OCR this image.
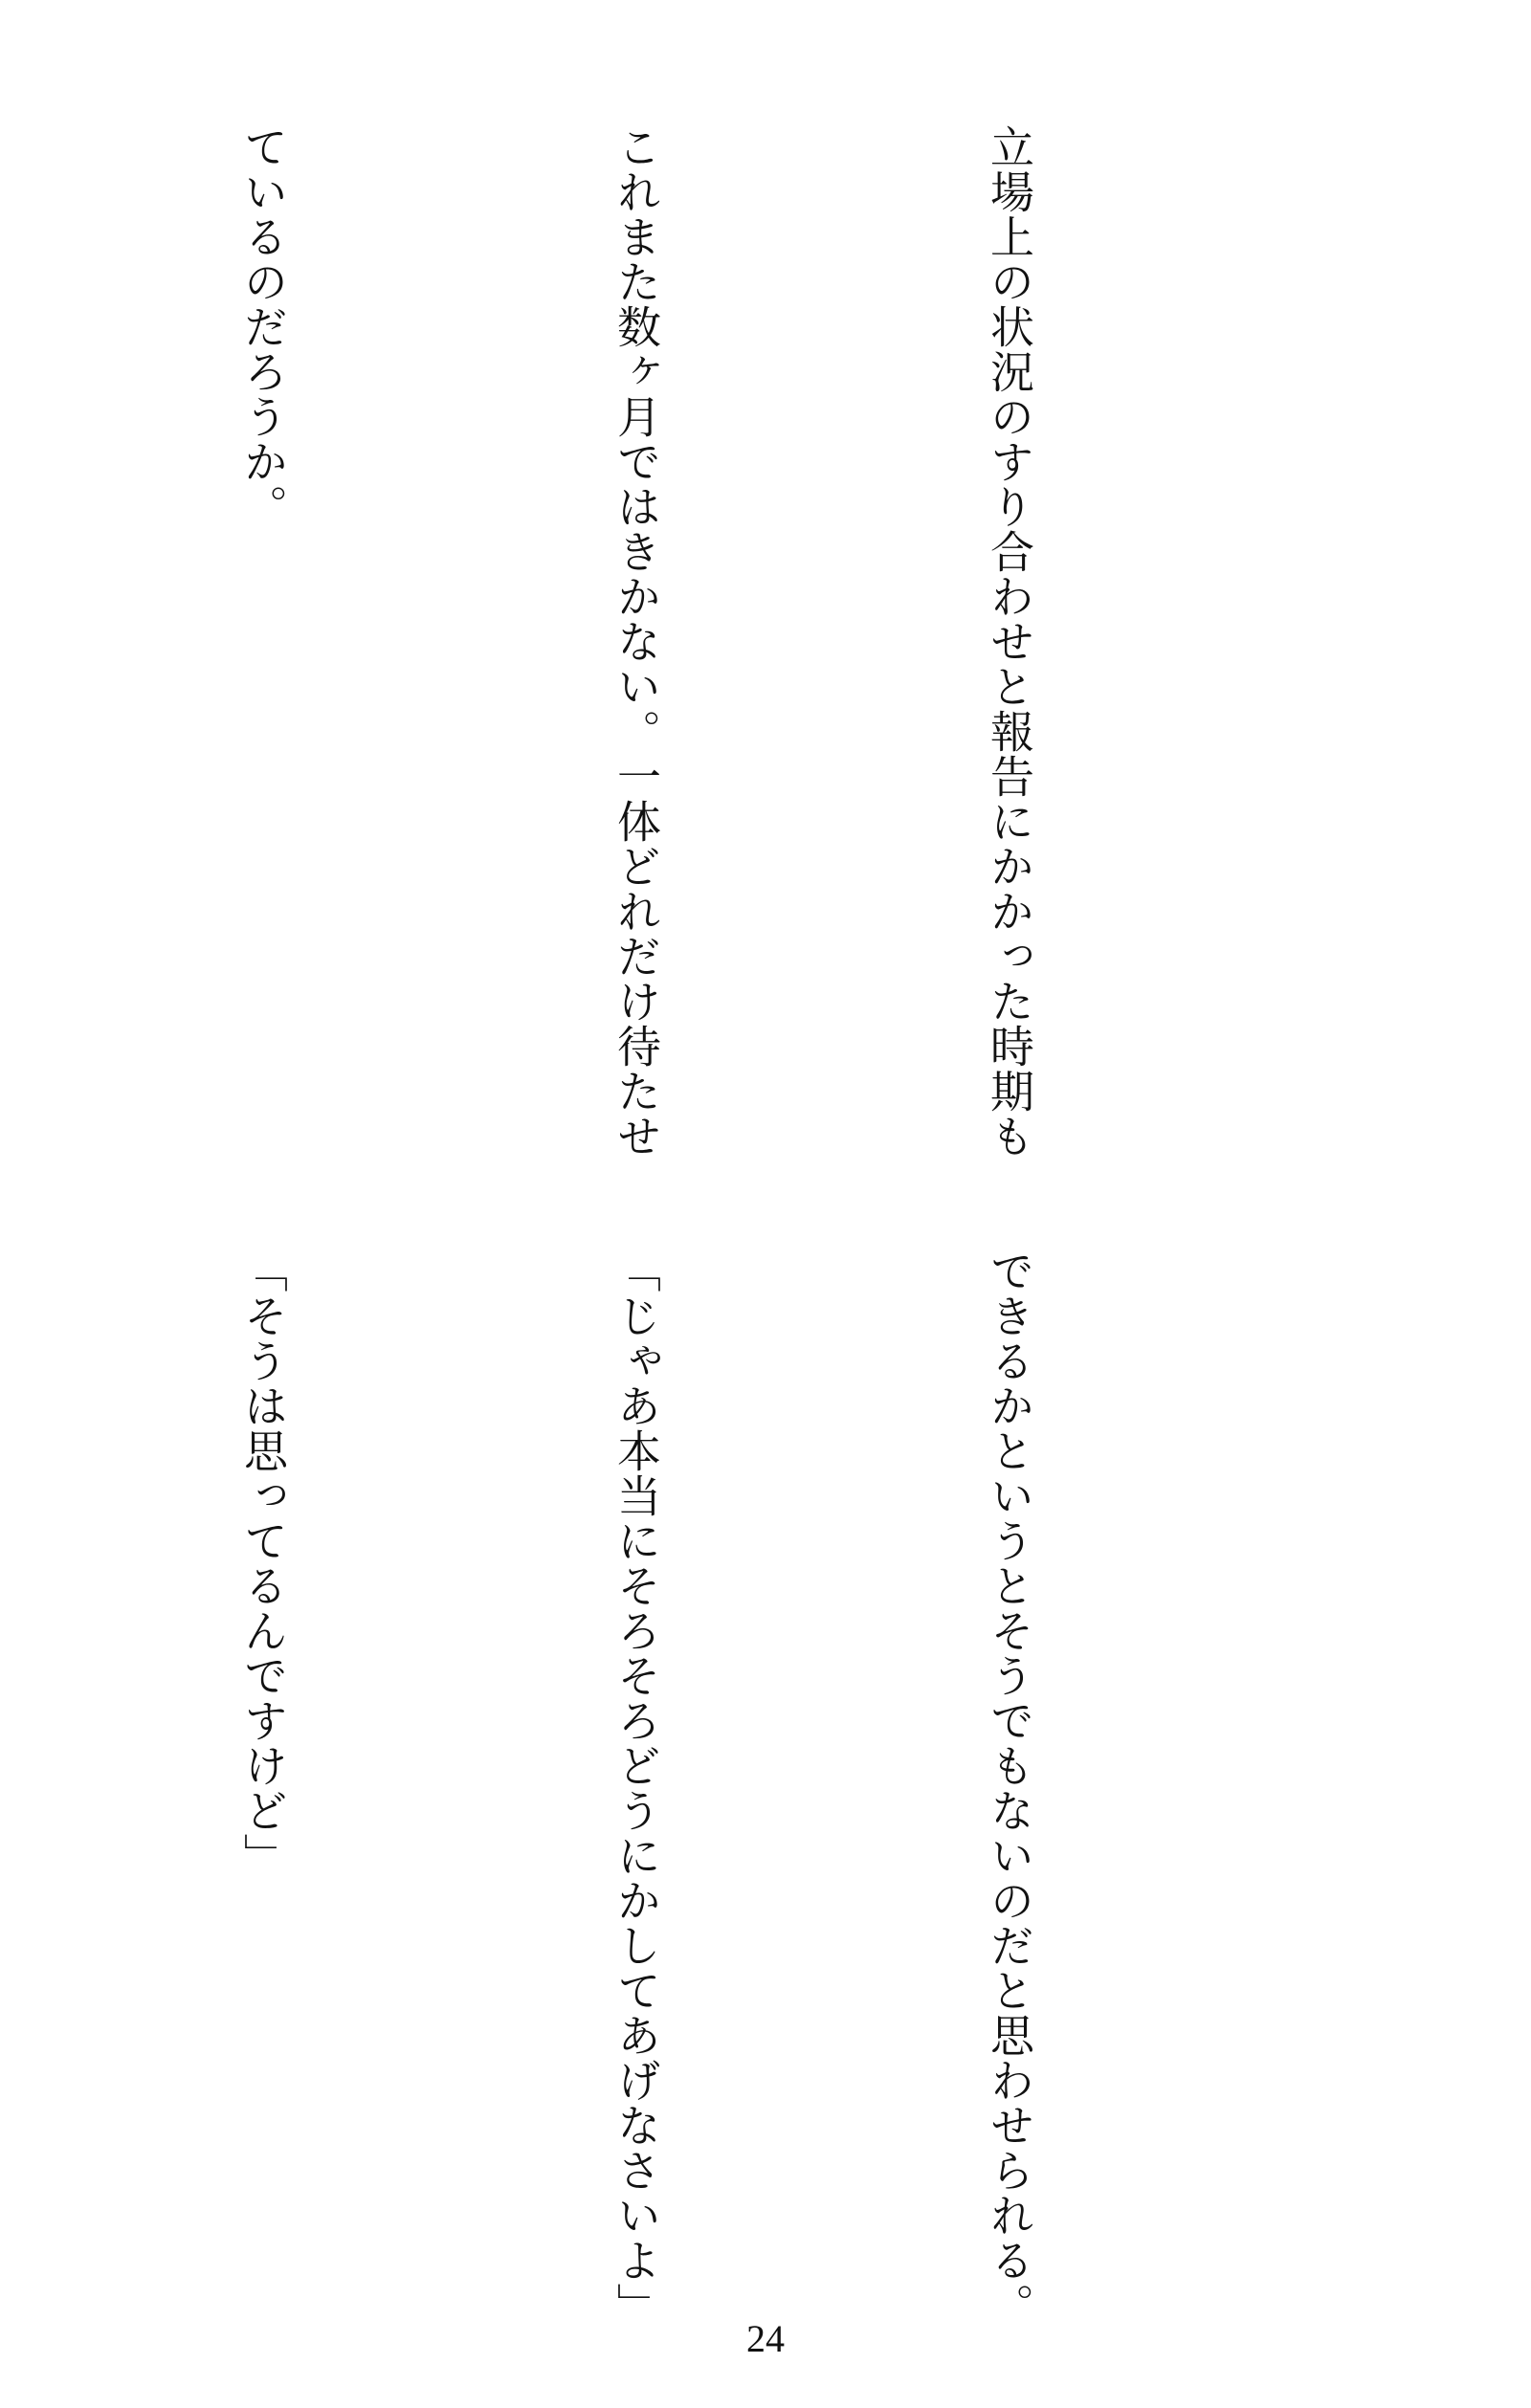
立場上の状況のすり合わせと報告にかかった時期も

これまた数ヶ月ではきかない。一体どれだけ待たせ

ているのだろうか。

できるかというとそうでもないのだと思わせられる。

「じゃあ本当にそろそろどうにかしてあげなさいよ」

「そうは思ってるんですけど」

24
